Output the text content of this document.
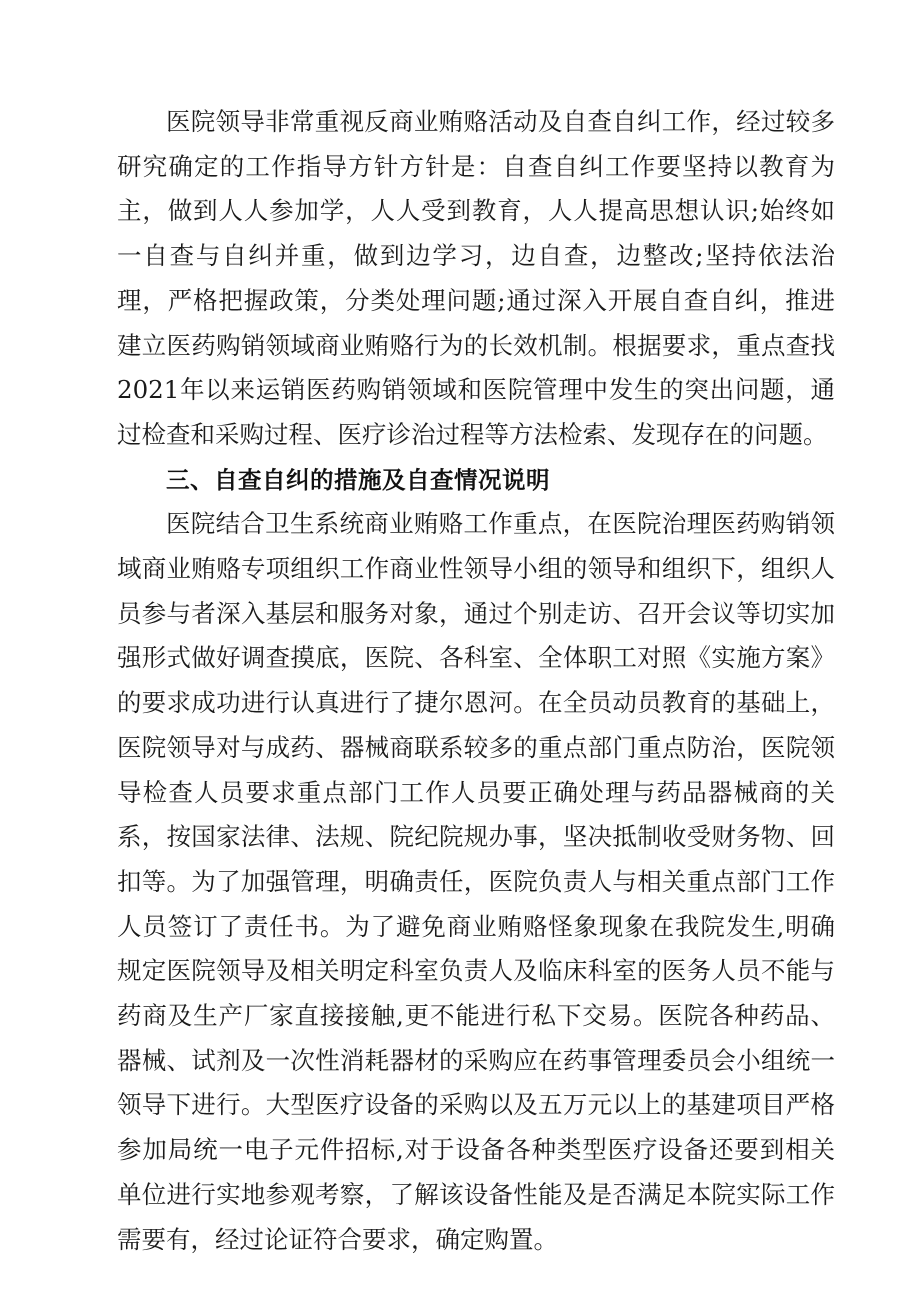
医院领导非常重视反商业贿赂活动及自查自纠工作，经过较多研究确定的工作指导方针方针是：自查自纠工作要坚持以教育为主，做到人人参加学，人人受到教育，人人提高思想认识;始终如一自查与自纠并重，做到边学习，边自查，边整改;坚持依法治理，严格把握政策，分类处理问题;通过深入开展自查自纠，推进建立医药购销领域商业贿赂行为的长效机制。根据要求，重点查找2021年以来运销医药购销领域和医院管理中发生的突出问题，通过检查和采购过程、医疗诊治过程等方法检索、发现存在的问题。

三、自查自纠的措施及自查情况说明

医院结合卫生系统商业贿赂工作重点，在医院治理医药购销领域商业贿赂专项组织工作商业性领导小组的领导和组织下，组织人员参与者深入基层和服务对象，通过个别走访、召开会议等切实加强形式做好调查摸底，医院、各科室、全体职工对照《实施方案》的要求成功进行认真进行了捷尔恩河。在全员动员教育的基础上，医院领导对与成药、器械商联系较多的重点部门重点防治，医院领导检查人员要求重点部门工作人员要正确处理与药品器械商的关系，按国家法律、法规、院纪院规办事，坚决抵制收受财务物、回扣等。为了加强管理，明确责任，医院负责人与相关重点部门工作人员签订了责任书。为了避免商业贿赂怪象现象在我院发生,明确规定医院领导及相关明定科室负责人及临床科室的医务人员不能与药商及生产厂家直接接触,更不能进行私下交易。医院各种药品、器械、试剂及一次性消耗器材的采购应在药事管理委员会小组统一领导下进行。大型医疗设备的采购以及五万元以上的基建项目严格参加局统一电子元件招标,对于设备各种类型医疗设备还要到相关单位进行实地参观考察，了解该设备性能及是否满足本院实际工作需要有，经过论证符合要求，确定购置。
